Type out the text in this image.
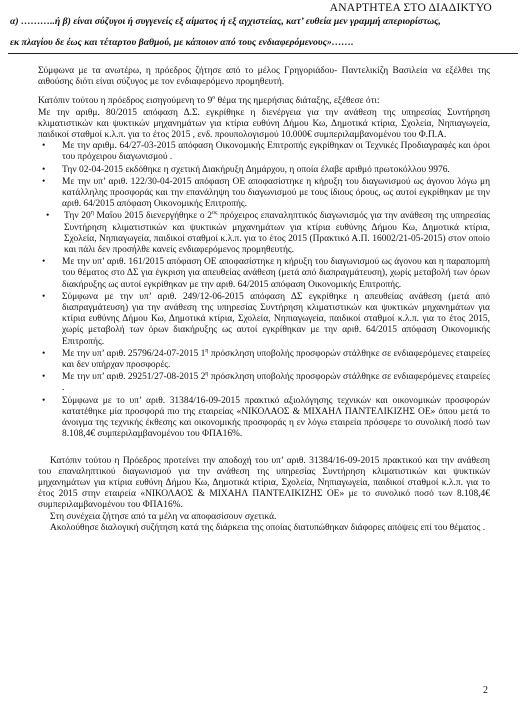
ΑΝΑΡΤΗΤΕΑ ΣΤΟ ΔΙΑΔΙΚΤΥΟ
α) ………..ή β) είναι σύζυγοι ή συγγενείς εξ αίματος ή εξ αγχιστείας, κατ’ ευθεία μεν γραμμή απεριορίστως,
εκ πλαγίου δε έως και τέταρτου βαθμού, με κάποιον από τους ενδιαφερόμενους»…….

Σύμφωνα με τα ανωτέρω, η πρόεδρος ζήτησε από το μέλος Γρηγοριάδου- Παντελικίζη Βασιλεία να εξέλθει της αιθούσης διότι είναι σύζυγος με τον ενδιαφερόμενο προμηθευτή.

Κατόπιν τούτου η πρόεδρος εισηγούμενη το $9^o$ θέμα της ημερήσιας διάταξης, εξέθεσε ότι:

Με την αριθμ. 80/2015 απόφαση Δ.Σ. εγκρίθηκε η διενέργεια για την ανάθεση της υπηρεσίας Συντήρηση κλιματιστικών και ψυκτικών μηχανημάτων για κτίρια ευθύνη Δήμου Κω, Δημοτικά κτίρια, Σχολεία, Νηπιαγωγεία, παιδικοί σταθμοί κ.λ.π. για το έτος 2015 , ενδ. προυπολογισμού 10.000€ συμπεριλαμβανομένου του Φ.Π.Α.

• Με την αριθμ. 64/27-03-2015 απόφαση Οικονομικής Επιτροπής εγκρίθηκαν οι Τεχνικές Προδιαγραφές και όροι του πρόχειρου διαγωνισμού .
• Την 02-04-2015 εκδόθηκε η σχετική Διακήρυξη Δημάρχου, η οποία έλαβε αριθμό πρωτοκόλλου 9976.
• Με την υπ’ αριθ. 122/30-04-2015 απόφαση ΟΕ αποφασίστηκε η κήρυξη του διαγωνισμού ως άγονου λόγω μη κατάλληλης προσφοράς και την επανάληψη του διαγωνισμού με τους ίδιους όρους, ως αυτοί εγκρίθηκαν με την αριθ. 64/2015 απόφαση Οικονομικής Επιτροπής.
• Την $20^\eta$ Μαΐου 2015 διενεργήθηκε ο $2^{o\varsigma}$ πρόχειρος επαναληπτικός διαγωνισμός για την ανάθεση της υπηρεσίας Συντήρηση κλιματιστικών και ψυκτικών μηχανημάτων για κτίρια ευθύνης Δήμου Κω, Δημοτικά κτίρια, Σχολεία, Νηπιαγωγεία, παιδικοί σταθμοί κ.λ.π. για το έτος 2015 (Πρακτικό Α.Π. 16002/21-05-2015) στον οποίο και πάλι δεν προσήλθε κανείς ενδιαφερόμενος προμηθευτής.
• Με την υπ’ αριθ. 161/2015 απόφαση ΟΕ αποφασίστηκε η κήρυξη του διαγωνισμού ως άγονου και η παραπομπή του θέματος στο ΔΣ για έγκριση για απευθείας ανάθεση (μετά από διαπραγμάτευση), χωρίς μεταβολή των όρων διακήρυξης ως αυτοί εγκρίθηκαν με την αριθ. 64/2015 απόφαση Οικονομικής Επιτροπής.
• Σύμφωνα με την υπ’ αριθ. 249/12-06-2015 απόφαση ΔΣ εγκρίθηκε η απευθείας ανάθεση (μετά από διαπραγμάτευση) για την ανάθεση της υπηρεσίας Συντήρηση κλιματιστικών και ψυκτικών μηχανημάτων για κτίρια ευθύνης Δήμου Κω, Δημοτικά κτίρια, Σχολεία, Νηπιαγωγεία, παιδικοί σταθμοί κ.λ.π. για το έτος 2015, χωρίς μεταβολή των όρων διακήρυξης ως αυτοί εγκρίθηκαν με την αριθ. 64/2015 απόφαση Οικονομικής Επιτροπής.
• Με την υπ’ αριθ. 25796/24-07-2015 $1^\eta$ πρόσκληση υποβολής προσφορών στάλθηκε σε ενδιαφερόμενες εταιρείες και δεν υπήρχαν προσφορές.
• Με την υπ’ αριθ. 29251/27-08-2015 $2^\eta$ πρόσκληση υποβολής προσφορών στάλθηκε σε ενδιαφερόμενες εταιρείες .
• Σύμφωνα με το υπ’ αριθ. 31384/16-09-2015 πρακτικό αξιολόγησης τεχνικών και οικονομικών προσφορών κατατέθηκε μία προσφορά πιο της εταιρείας «ΝΙΚΟΛΑΟΣ & ΜΙΧΑΗΛ ΠΑΝΤΕΛΙΚΙΖΗΣ ΟΕ» όπου μετά το άνοιγμα της τεχνικής έκθεσης και οικονομικής προσφοράς η εν λόγω εταιρεία πρόσφερε το συνολική ποσό των 8.108,4€ συμπεριλαμβανομένου του ΦΠΑ16%.

Κατόπιν τούτου η Πρόεδρος προτείνει την αποδοχή του υπ’ αριθ. 31384/16-09-2015 πρακτικού και την ανάθεση του επαναληπτικού διαγωνισμού για την ανάθεση της υπηρεσίας Συντήρηση κλιματιστικών και ψυκτικών μηχανημάτων για κτίρια ευθύνη Δήμου Κω, Δημοτικά κτίρια, Σχολεία, Νηπιαγωγεία, παιδικοί σταθμοί κ.λ.π. για το έτος 2015 στην εταιρεία «ΝΙΚΟΛΑΟΣ & ΜΙΧΑΗΛ ΠΑΝΤΕΛΙΚΙΖΗΣ ΟΕ» με το συνολικό ποσό των 8.108,4€ συμπεριλαμβανομένου του ΦΠΑ16%.

Στη συνέχεια ζήτησε από τα μέλη να αποφασίσουν σχετικά.

Ακολούθησε διαλογική συζήτηση κατά της διάρκεια της οποίας διατυπώθηκαν διάφορες απόψεις επί του θέματος .

2
